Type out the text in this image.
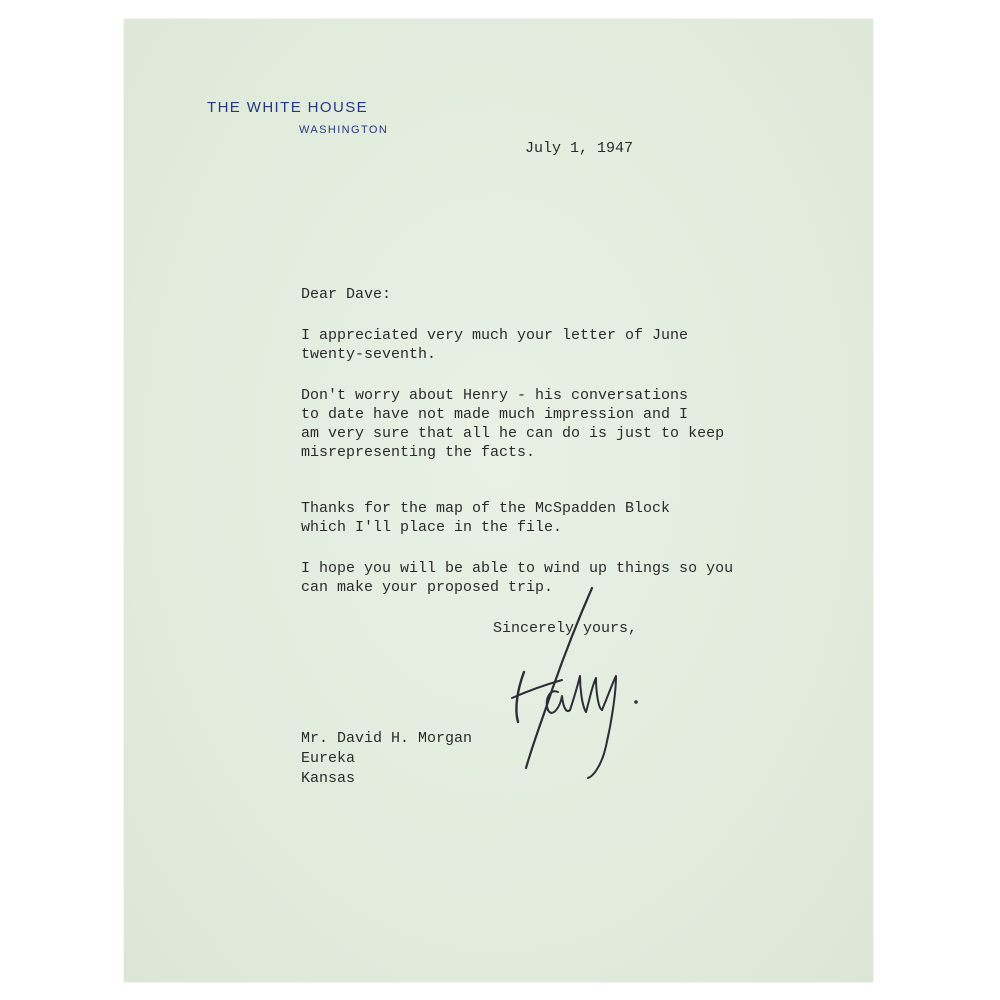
THE WHITE HOUSE
WASHINGTON
July 1, 1947

Dear Dave:

I appreciated very much your letter of June
twenty-seventh.

Don't worry about Henry - his conversations
to date have not made much impression and I
am very sure that all he can do is just to keep
misrepresenting the facts.

Thanks for the map of the McSpadden Block
which I'll place in the file.

I hope you will be able to wind up things so you
can make your proposed trip.

Sincerely yours,
Mr. David H. Morgan
Eureka
Kansas
